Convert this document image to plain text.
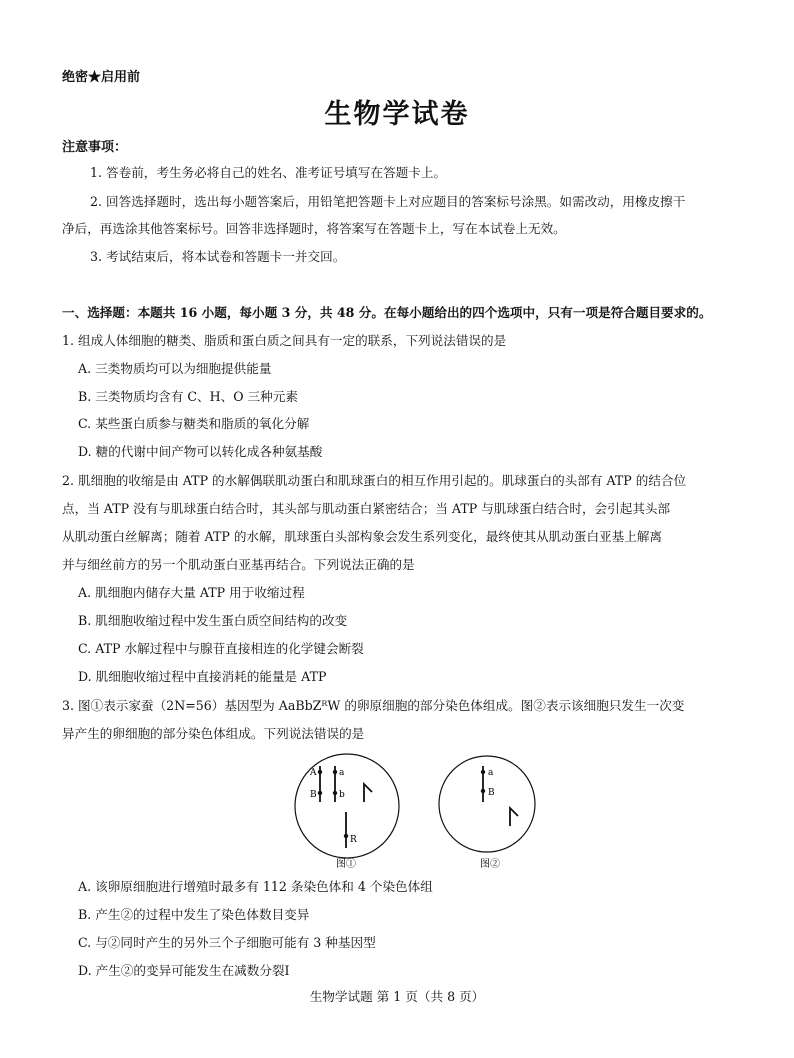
绝密★启用前
生物学试卷
注意事项：
1. 答卷前，考生务必将自己的姓名、准考证号填写在答题卡上。
2. 回答选择题时，选出每小题答案后，用铅笔把答题卡上对应题目的答案标号涂黑。如需改动，用橡皮擦干
净后，再选涂其他答案标号。回答非选择题时，将答案写在答题卡上，写在本试卷上无效。
3. 考试结束后，将本试卷和答题卡一并交回。
一、选择题：本题共 16 小题，每小题 3 分，共 48 分。在每小题给出的四个选项中，只有一项是符合题目要求的。
1. 组成人体细胞的糖类、脂质和蛋白质之间具有一定的联系，下列说法错误的是
A. 三类物质均可以为细胞提供能量
B. 三类物质均含有 C、H、O 三种元素
C. 某些蛋白质参与糖类和脂质的氧化分解
D. 糖的代谢中间产物可以转化成各种氨基酸
2. 肌细胞的收缩是由 ATP 的水解偶联肌动蛋白和肌球蛋白的相互作用引起的。肌球蛋白的头部有 ATP 的结合位
点，当 ATP 没有与肌球蛋白结合时，其头部与肌动蛋白紧密结合；当 ATP 与肌球蛋白结合时，会引起其头部
从肌动蛋白丝解离；随着 ATP 的水解，肌球蛋白头部构象会发生系列变化，最终使其从肌动蛋白亚基上解离
并与细丝前方的另一个肌动蛋白亚基再结合。下列说法正确的是
A. 肌细胞内储存大量 ATP 用于收缩过程
B. 肌细胞收缩过程中发生蛋白质空间结构的改变
C. ATP 水解过程中与腺苷直接相连的化学键会断裂
D. 肌细胞收缩过程中直接消耗的能量是 ATP
3. 图①表示家蚕（2N=56）基因型为 AaBbZᴿW 的卵原细胞的部分染色体组成。图②表示该细胞只发生一次变
异产生的卵细胞的部分染色体组成。下列说法错误的是
A	a
B b
R
图①
a
B
图②
A. 该卵原细胞进行增殖时最多有 112 条染色体和 4 个染色体组
B. 产生②的过程中发生了染色体数目变异
C. 与②同时产生的另外三个子细胞可能有 3 种基因型
D. 产生②的变异可能发生在减数分裂Ⅰ
生物学试题 第 1 页（共 8 页）
